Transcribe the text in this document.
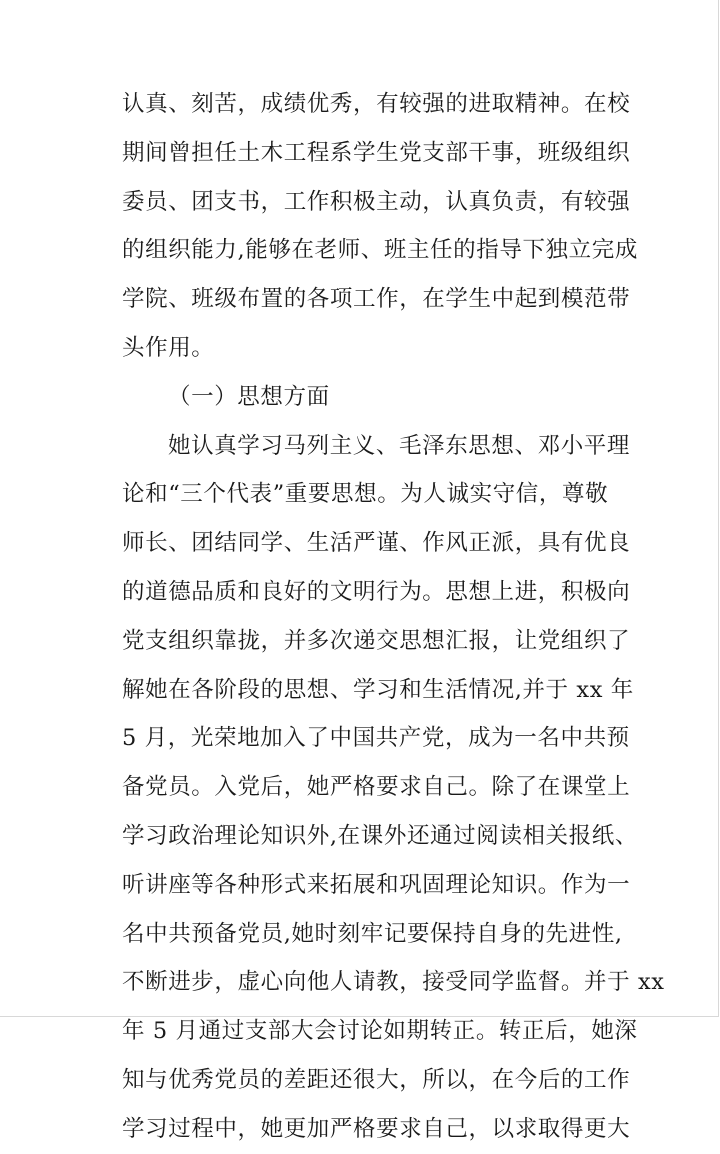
认真、刻苦，成绩优秀，有较强的进取精神。在校
期间曾担任土木工程系学生党支部干事，班级组织
委员、团支书，工作积极主动，认真负责，有较强
的组织能力,能够在老师、班主任的指导下独立完成
学院、班级布置的各项工作，在学生中起到模范带
头作用。
（一）思想方面
她认真学习马列主义、毛泽东思想、邓小平理
论和“三个代表”重要思想。为人诚实守信，尊敬
师长、团结同学、生活严谨、作风正派，具有优良
的道德品质和良好的文明行为。思想上进，积极向
党支组织靠拢，并多次递交思想汇报，让党组织了
解她在各阶段的思想、学习和生活情况,并于 xx 年
5 月，光荣地加入了中国共产党，成为一名中共预
备党员。入党后，她严格要求自己。除了在课堂上
学习政治理论知识外,在课外还通过阅读相关报纸、
听讲座等各种形式来拓展和巩固理论知识。作为一
名中共预备党员,她时刻牢记要保持自身的先进性,
不断进步，虚心向他人请教，接受同学监督。并于 xx
年 5 月通过支部大会讨论如期转正。转正后，她深
知与优秀党员的差距还很大，所以，在今后的工作
学习过程中，她更加严格要求自己，以求取得更大
